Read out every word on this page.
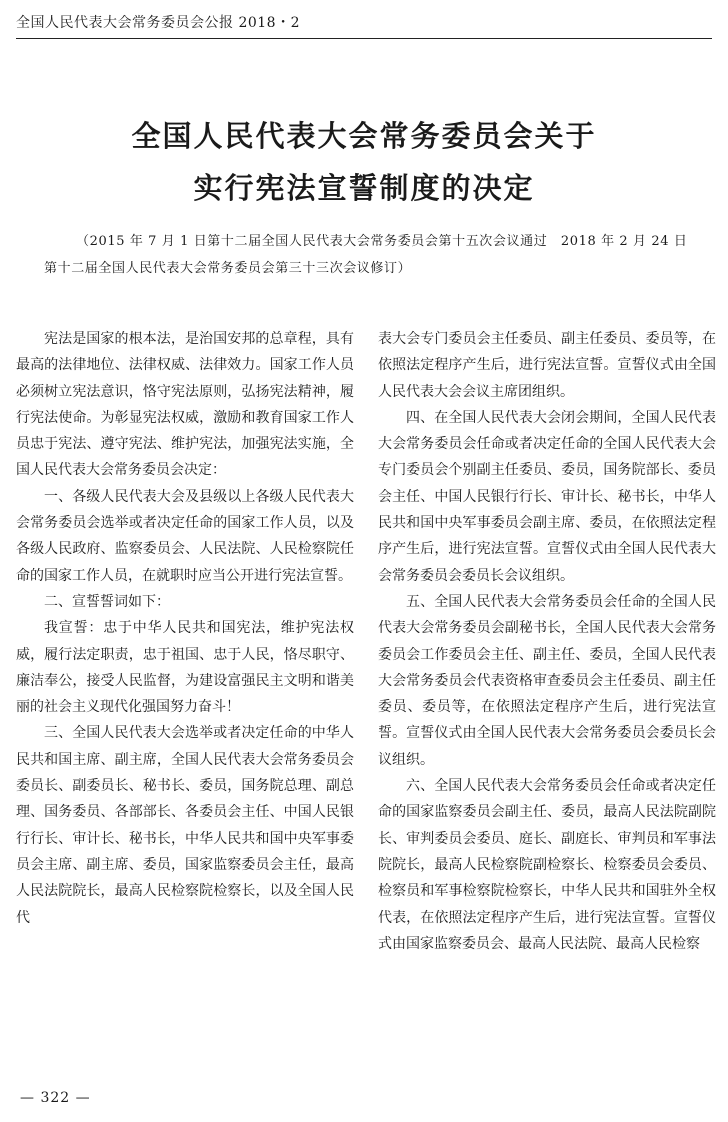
全国人民代表大会常务委员会公报 2018・2
全国人民代表大会常务委员会关于
实行宪法宣誓制度的决定
（2015 年 7 月 1 日第十二届全国人民代表大会常务委员会第十五次会议通过　2018 年 2 月 24 日第十二届全国人民代表大会常务委员会第三十三次会议修订）

宪法是国家的根本法，是治国安邦的总章程，具有最高的法律地位、法律权威、法律效力。国家工作人员必须树立宪法意识，恪守宪法原则，弘扬宪法精神，履行宪法使命。为彰显宪法权威，激励和教育国家工作人员忠于宪法、遵守宪法、维护宪法，加强宪法实施，全国人民代表大会常务委员会决定：

一、各级人民代表大会及县级以上各级人民代表大会常务委员会选举或者决定任命的国家工作人员，以及各级人民政府、监察委员会、人民法院、人民检察院任命的国家工作人员，在就职时应当公开进行宪法宣誓。

二、宣誓誓词如下：

我宣誓：忠于中华人民共和国宪法，维护宪法权威，履行法定职责，忠于祖国、忠于人民，恪尽职守、廉洁奉公，接受人民监督，为建设富强民主文明和谐美丽的社会主义现代化强国努力奋斗！

三、全国人民代表大会选举或者决定任命的中华人民共和国主席、副主席，全国人民代表大会常务委员会委员长、副委员长、秘书长、委员，国务院总理、副总理、国务委员、各部部长、各委员会主任、中国人民银行行长、审计长、秘书长，中华人民共和国中央军事委员会主席、副主席、委员，国家监察委员会主任，最高人民法院院长，最高人民检察院检察长，以及全国人民代

表大会专门委员会主任委员、副主任委员、委员等，在依照法定程序产生后，进行宪法宣誓。宣誓仪式由全国人民代表大会会议主席团组织。

四、在全国人民代表大会闭会期间，全国人民代表大会常务委员会任命或者决定任命的全国人民代表大会专门委员会个别副主任委员、委员，国务院部长、委员会主任、中国人民银行行长、审计长、秘书长，中华人民共和国中央军事委员会副主席、委员，在依照法定程序产生后，进行宪法宣誓。宣誓仪式由全国人民代表大会常务委员会委员长会议组织。

五、全国人民代表大会常务委员会任命的全国人民代表大会常务委员会副秘书长，全国人民代表大会常务委员会工作委员会主任、副主任、委员，全国人民代表大会常务委员会代表资格审查委员会主任委员、副主任委员、委员等，在依照法定程序产生后，进行宪法宣誓。宣誓仪式由全国人民代表大会常务委员会委员长会议组织。

六、全国人民代表大会常务委员会任命或者决定任命的国家监察委员会副主任、委员，最高人民法院副院长、审判委员会委员、庭长、副庭长、审判员和军事法院院长，最高人民检察院副检察长、检察委员会委员、检察员和军事检察院检察长，中华人民共和国驻外全权代表，在依照法定程序产生后，进行宪法宣誓。宣誓仪式由国家监察委员会、最高人民法院、最高人民检察

— 322 —
